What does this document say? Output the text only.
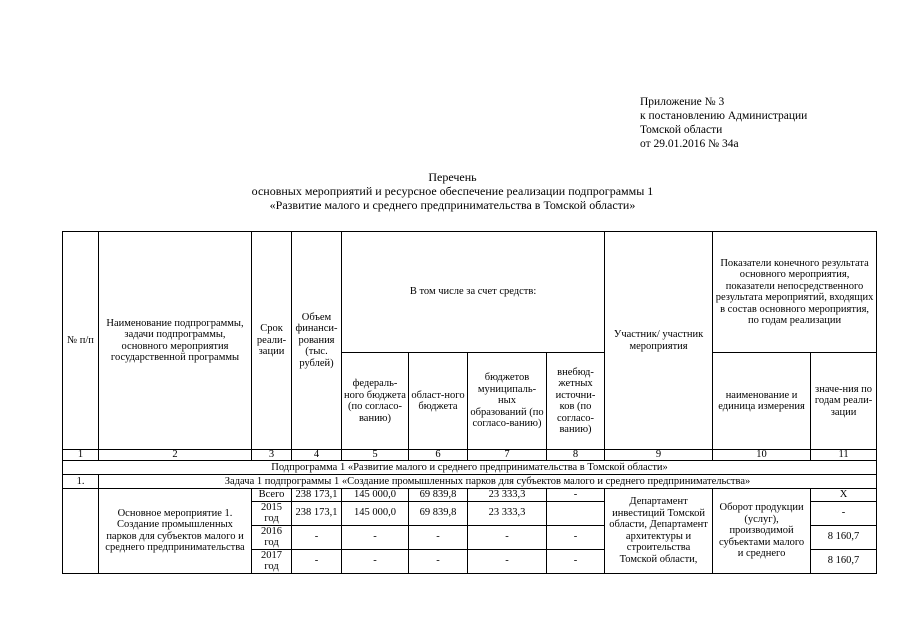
Приложение № 3
к постановлению Администрации
Томской области
от 29.01.2016 № 34а
Перечень
основных мероприятий и ресурсное обеспечение реализации подпрограммы 1
«Развитие малого и среднего предпринимательства в Томской области»
№ п/п	Наименование подпрограммы, задачи подпрограммы, основного мероприятия государственной программы	Срок реали-зации	Объем финанси-рования (тыс. рублей)	В том числе за счет средств:				Участник/ участник мероприятия	Показатели конечного результата основного мероприятия, показатели непосредственного результата мероприятий, входящих в состав основного мероприятия, по годам реализации	
				федераль-ного бюджета (по согласо-ванию)	област-ного бюджета	бюджетов муниципаль-ных образований (по согласо-ванию)	внебюд-жетных источни-ков (по согласо-ванию)		наименование и единица измерения	значе-ния по годам реали-зации
1	2	3	4	5	6	7	8	9	10	11
Подпрограмма 1 «Развитие малого и среднего предпринимательства в Томской области»										
1.	Задача 1 подпрограммы 1 «Создание промышленных парков для субъектов малого и среднего предпринимательства»									
	Основное мероприятие 1. Создание промышленных парков для субъектов малого и среднего предпринимательства	Всего	238 173,1	145 000,0	69 839,8	23 333,3	-	Департамент инвестиций Томской области, Департамент архитектуры и строительства Томской области,	Оборот продукции (услуг), производимой субъектами малого и среднего	Х
		2015 год	238 173,1	145 000,0	69 839,8	23 333,3				-
		2016 год	-	-	-	-	-			8 160,7
		2017 год	-	-	-	-	-			8 160,7
